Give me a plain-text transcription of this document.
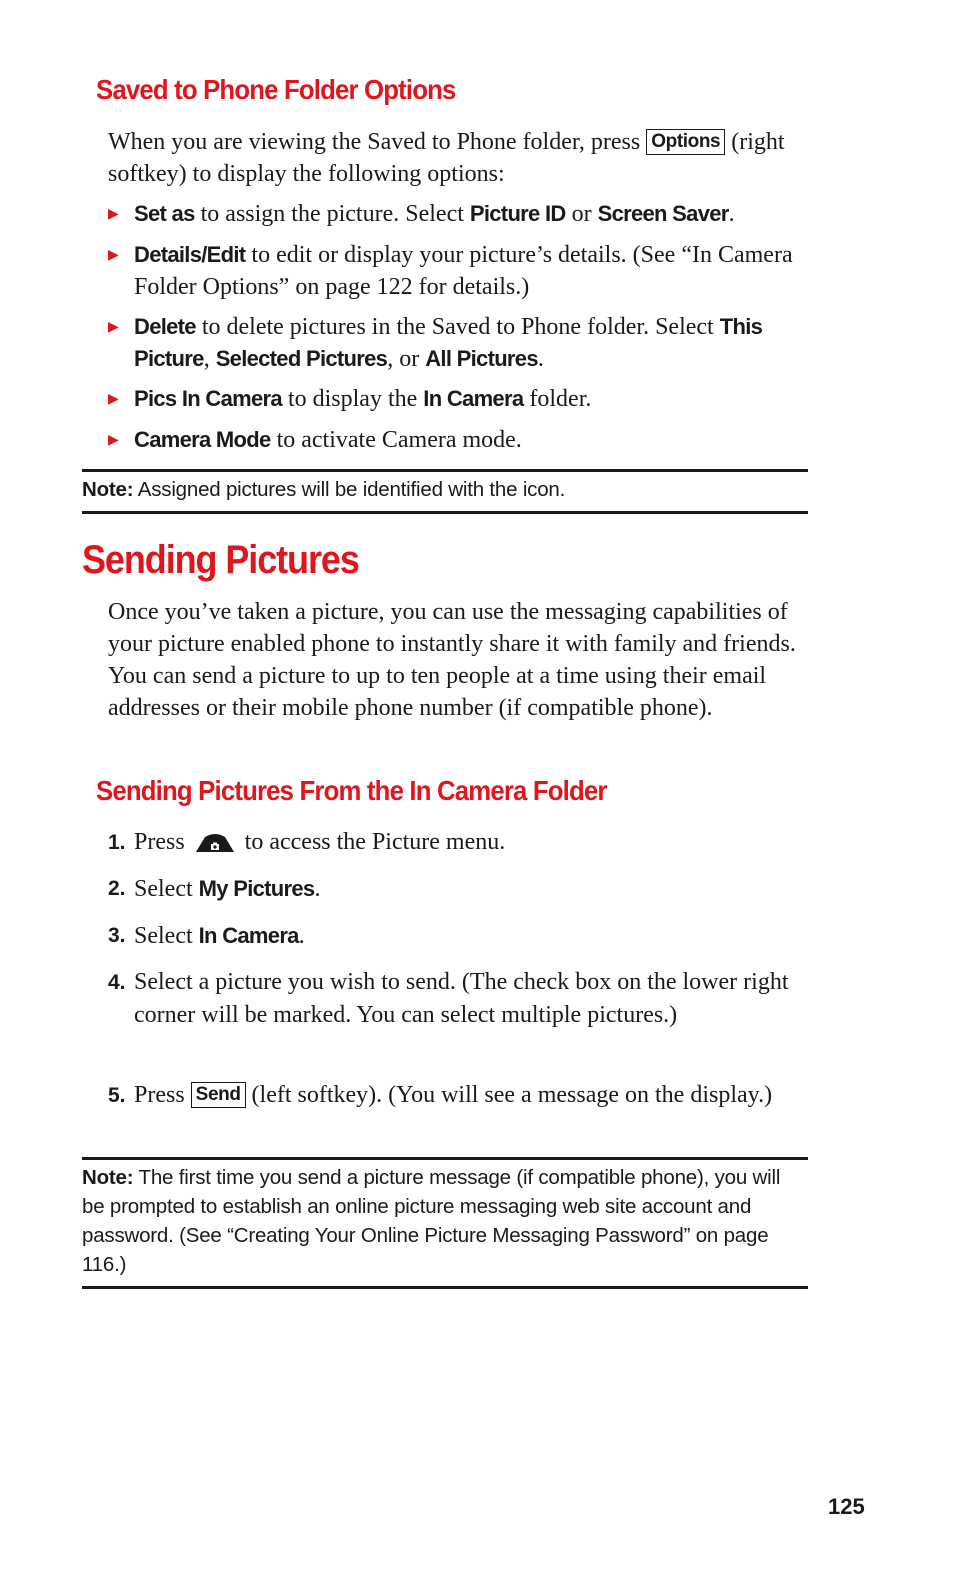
Saved to Phone Folder Options
When you are viewing the Saved to Phone folder, press Options (right softkey) to display the following options:
▶ Set as to assign the picture. Select Picture ID or Screen Saver.
▶ Details/Edit to edit or display your picture’s details. (See “In Camera Folder Options” on page 122 for details.)
▶ Delete to delete pictures in the Saved to Phone folder. Select This Picture, Selected Pictures, or All Pictures.
▶ Pics In Camera to display the In Camera folder.
▶ Camera Mode to activate Camera mode.
Note: Assigned pictures will be identified with the icon.
Sending Pictures
Once you’ve taken a picture, you can use the messaging capabilities of your picture enabled phone to instantly share it with family and friends. You can send a picture to up to ten people at a time using their email addresses or their mobile phone number (if compatible phone).
Sending Pictures From the In Camera Folder
1. Press  to access the Picture menu.
2. Select My Pictures.
3. Select In Camera.
4. Select a picture you wish to send. (The check box on the lower right corner will be marked. You can select multiple pictures.)
5. Press Send (left softkey). (You will see a message on the display.)
Note: The first time you send a picture message (if compatible phone), you will be prompted to establish an online picture messaging web site account and password. (See “Creating Your Online Picture Messaging Password” on page 116.)
125
